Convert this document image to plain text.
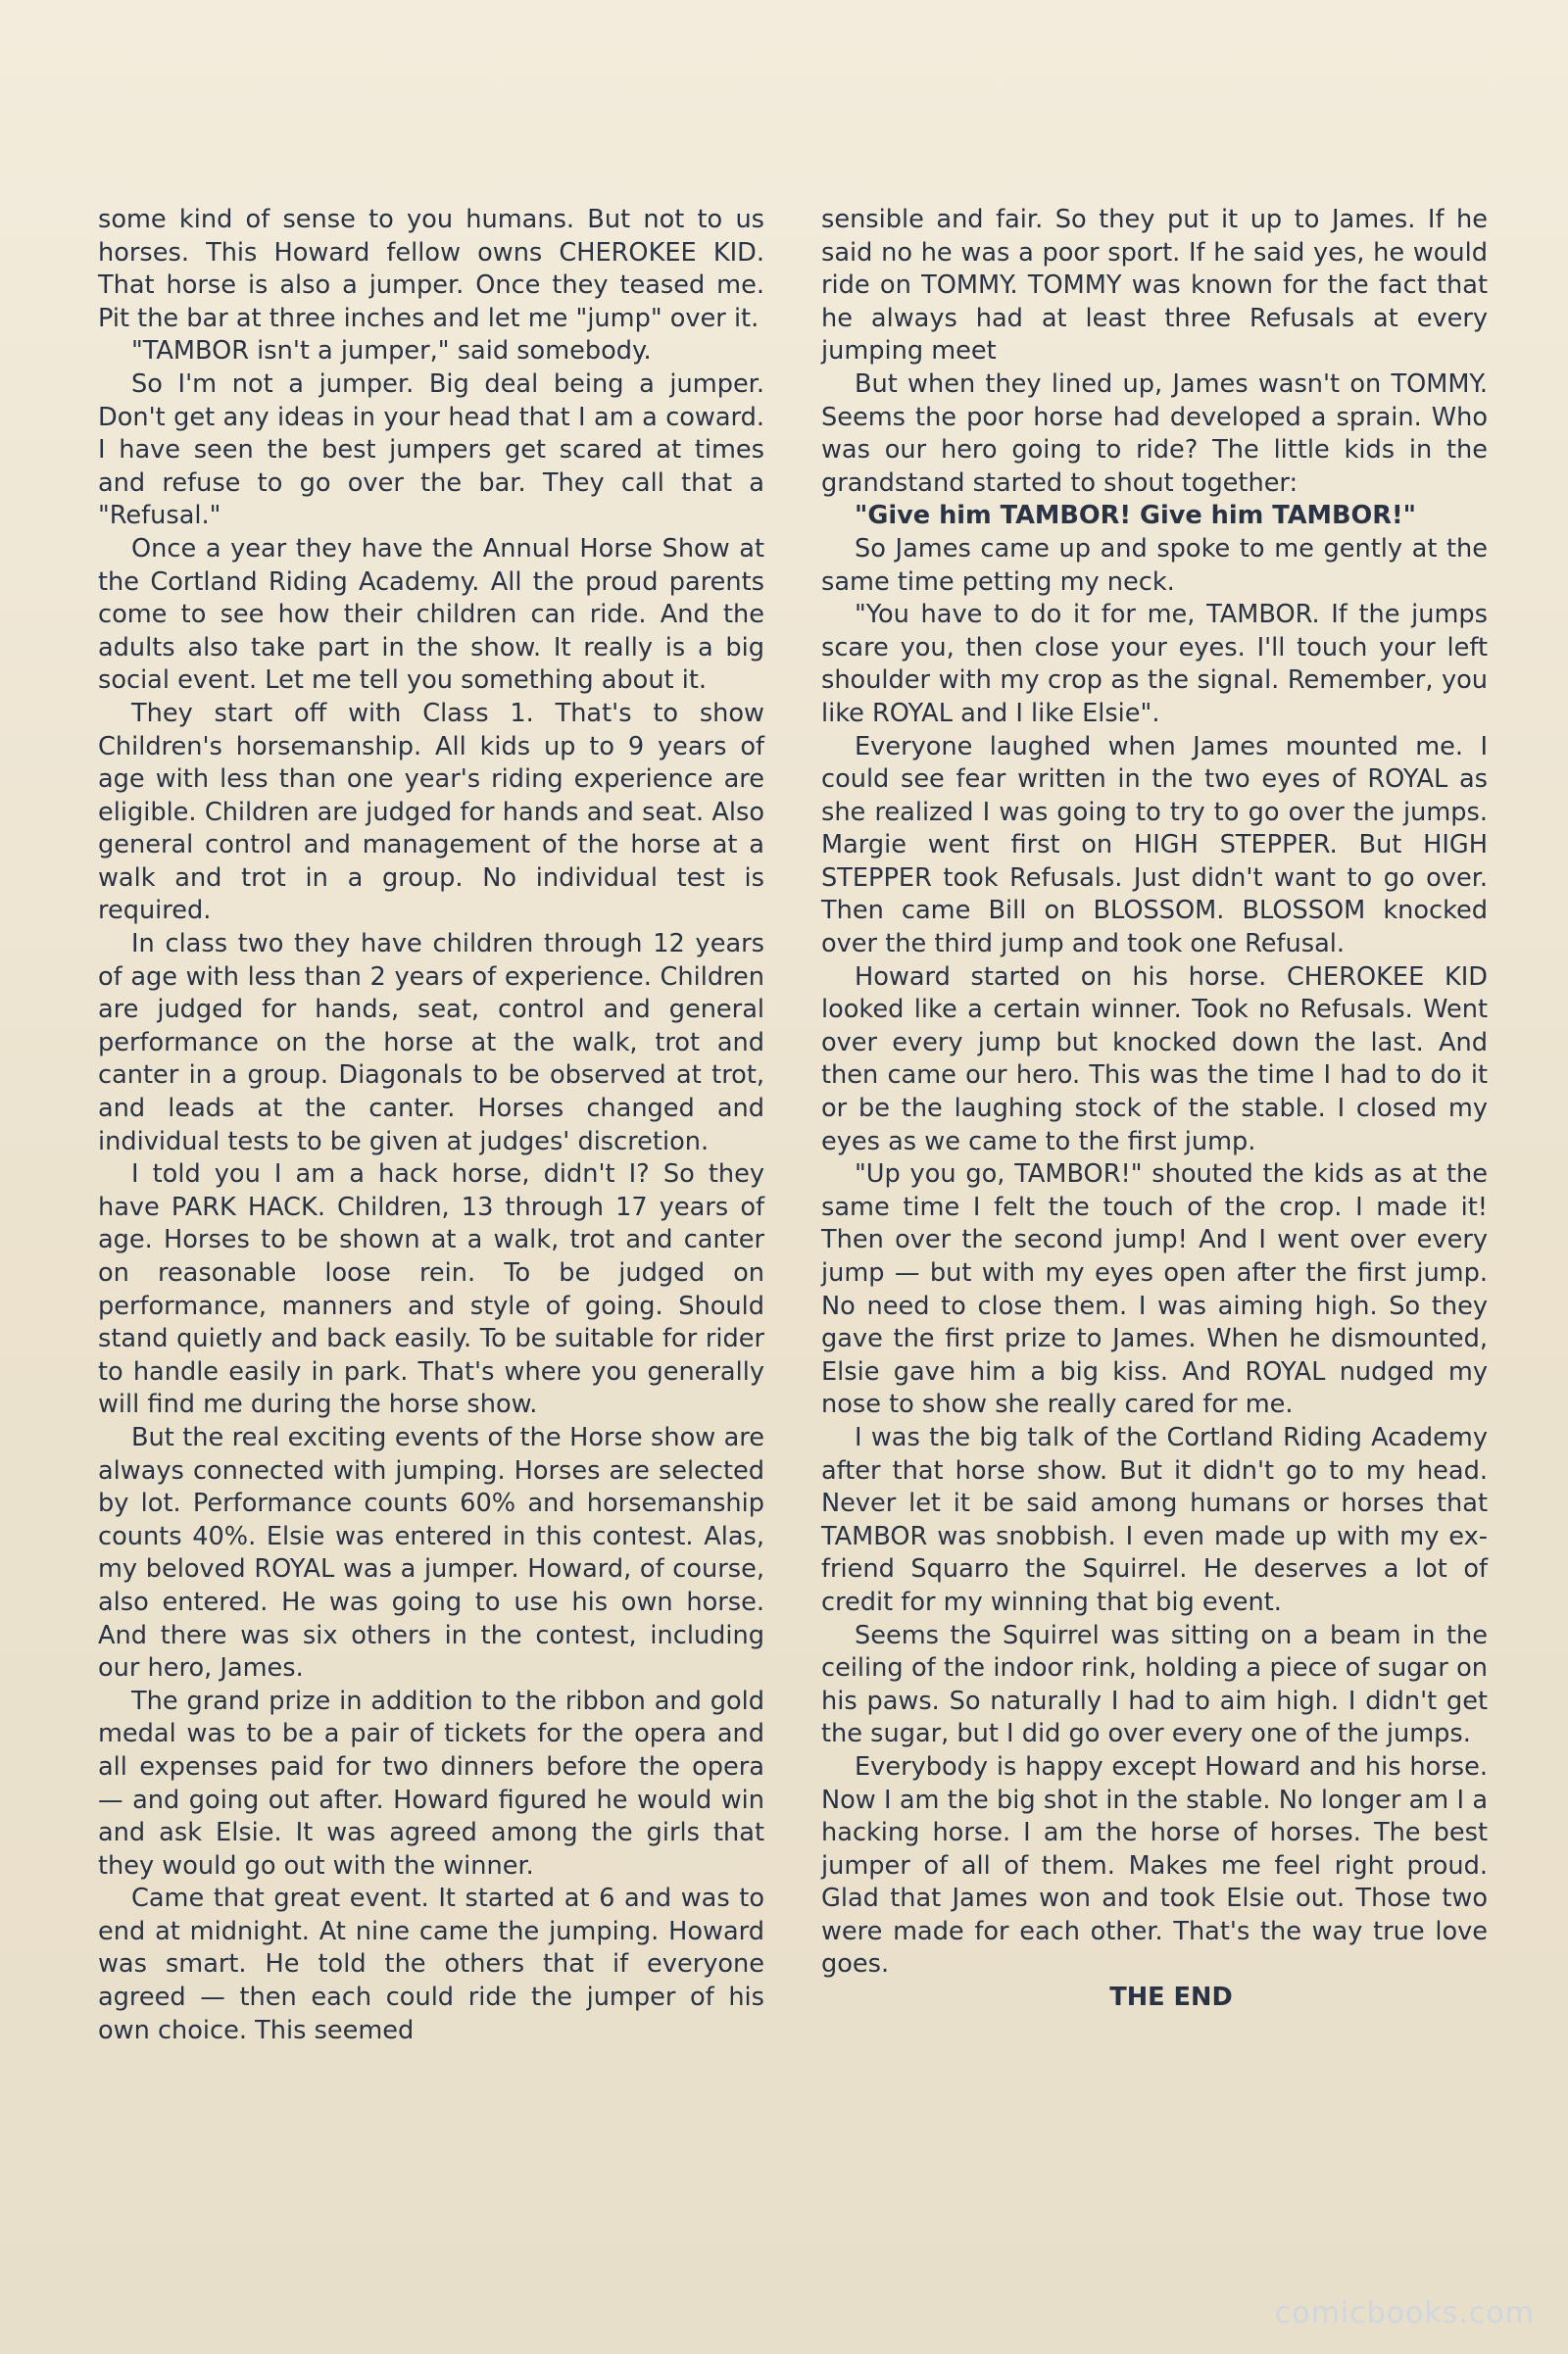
some kind of sense to you humans. But not to us horses. This Howard fellow owns CHEROKEE KID. That horse is also a jumper. Once they teased me. Pit the bar at three inches and let me "jump" over it.

"TAMBOR isn't a jumper," said somebody.

So I'm not a jumper. Big deal being a jumper. Don't get any ideas in your head that I am a coward. I have seen the best jumpers get scared at times and refuse to go over the bar. They call that a "Refusal."

Once a year they have the Annual Horse Show at the Cortland Riding Academy. All the proud parents come to see how their children can ride. And the adults also take part in the show. It really is a big social event. Let me tell you something about it.

They start off with Class 1. That's to show Children's horsemanship. All kids up to 9 years of age with less than one year's riding experience are eligible. Children are judged for hands and seat. Also general control and management of the horse at a walk and trot in a group. No individual test is required.

In class two they have children through 12 years of age with less than 2 years of experience. Children are judged for hands, seat, control and general performance on the horse at the walk, trot and canter in a group. Diagonals to be observed at trot, and leads at the canter. Horses changed and individual tests to be given at judges' discretion.

I told you I am a hack horse, didn't I? So they have PARK HACK. Children, 13 through 17 years of age. Horses to be shown at a walk, trot and canter on reasonable loose rein. To be judged on performance, manners and style of going. Should stand quietly and back easily. To be suitable for rider to handle easily in park. That's where you generally will find me during the horse show.

But the real exciting events of the Horse show are always connected with jumping. Horses are selected by lot. Performance counts 60% and horsemanship counts 40%. Elsie was entered in this contest. Alas, my beloved ROYAL was a jumper. Howard, of course, also entered. He was going to use his own horse. And there was six others in the contest, including our hero, James.

The grand prize in addition to the ribbon and gold medal was to be a pair of tickets for the opera and all expenses paid for two dinners before the opera — and going out after. Howard figured he would win and ask Elsie. It was agreed among the girls that they would go out with the winner.

Came that great event. It started at 6 and was to end at midnight. At nine came the jumping. Howard was smart. He told the others that if everyone agreed — then each could ride the jumper of his own choice. This seemed

sensible and fair. So they put it up to James. If he said no he was a poor sport. If he said yes, he would ride on TOMMY. TOMMY was known for the fact that he always had at least three Refusals at every jumping meet

But when they lined up, James wasn't on TOMMY. Seems the poor horse had developed a sprain. Who was our hero going to ride? The little kids in the grandstand started to shout together:

"Give him TAMBOR! Give him TAMBOR!"

So James came up and spoke to me gently at the same time petting my neck.

"You have to do it for me, TAMBOR. If the jumps scare you, then close your eyes. I'll touch your left shoulder with my crop as the signal. Remember, you like ROYAL and I like Elsie".

Everyone laughed when James mounted me. I could see fear written in the two eyes of ROYAL as she realized I was going to try to go over the jumps. Margie went first on HIGH STEPPER. But HIGH STEPPER took Refusals. Just didn't want to go over. Then came Bill on BLOSSOM. BLOSSOM knocked over the third jump and took one Refusal.

Howard started on his horse. CHEROKEE KID looked like a certain winner. Took no Refusals. Went over every jump but knocked down the last. And then came our hero. This was the time I had to do it or be the laughing stock of the stable. I closed my eyes as we came to the first jump.

"Up you go, TAMBOR!" shouted the kids as at the same time I felt the touch of the crop. I made it! Then over the second jump! And I went over every jump — but with my eyes open after the first jump. No need to close them. I was aiming high. So they gave the first prize to James. When he dismounted, Elsie gave him a big kiss. And ROYAL nudged my nose to show she really cared for me.

I was the big talk of the Cortland Riding Academy after that horse show. But it didn't go to my head. Never let it be said among humans or horses that TAMBOR was snobbish. I even made up with my ex-friend Squarro the Squirrel. He deserves a lot of credit for my winning that big event.

Seems the Squirrel was sitting on a beam in the ceiling of the indoor rink, holding a piece of sugar on his paws. So naturally I had to aim high. I didn't get the sugar, but I did go over every one of the jumps.

Everybody is happy except Howard and his horse. Now I am the big shot in the stable. No longer am I a hacking horse. I am the horse of horses. The best jumper of all of them. Makes me feel right proud. Glad that James won and took Elsie out. Those two were made for each other. That's the way true love goes.

THE END

comicbooks.com
